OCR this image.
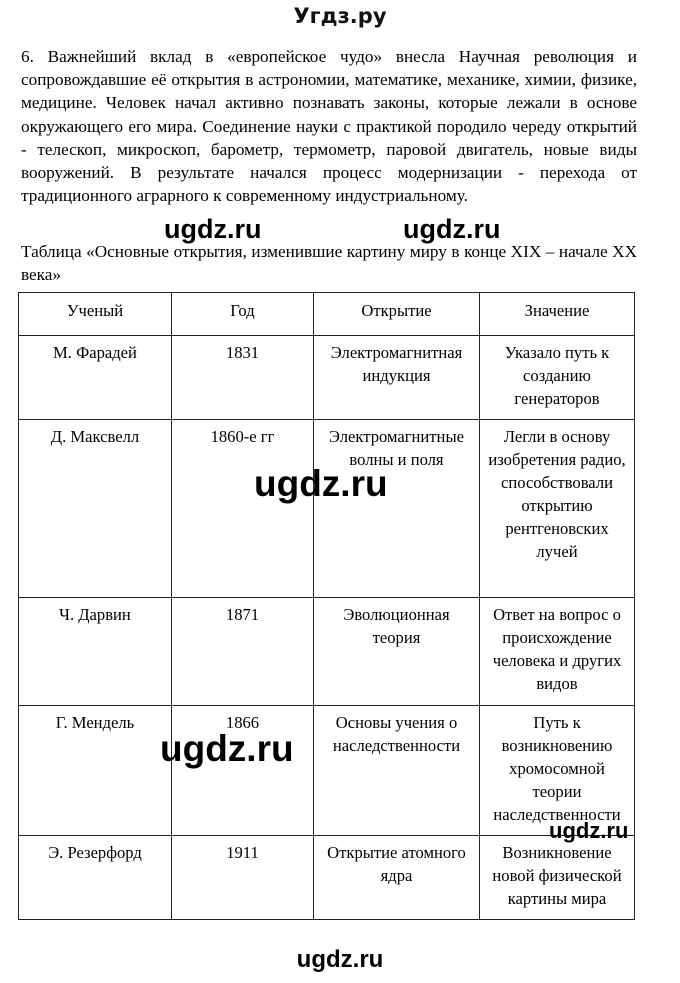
Угдз.ру

6. Важнейший вклад в «европейское чудо» внесла Научная революция и сопровождавшие её открытия в астрономии, математике, механике, химии, физике, медицине. Человек начал активно познавать законы, которые лежали в основе окружающего его мира. Соединение науки с практикой породило череду открытий - телескоп, микроскоп, барометр, термометр, паровой двигатель, новые виды вооружений. В результате начался процесс модернизации - перехода от традиционного аграрного к современному индустриальному.

Таблица «Основные открытия, изменившие картину миру в конце XIX – начале XX века»

Ученый	Год	Открытие	Значение
М. Фарадей	1831	Электромагнитная индукция	Указало путь к созданию генераторов
Д. Максвелл	1860-е гг	Электромагнитные волны и поля	Легли в основу изобретения радио, способствовали открытию рентгеновских лучей
Ч. Дарвин	1871	Эволюционная теория	Ответ на вопрос о происхождение человека и других видов
Г. Мендель	1866	Основы учения о наследственности	Путь к возникновению хромосомной теории наследственности
Э. Резерфорд	1911	Открытие атомного ядра	Возникновение новой физической картины мира
ugdz.ru	ugdz.ru
ugdz.ru
ugdz.ru
ugdz.ru
ugdz.ru
